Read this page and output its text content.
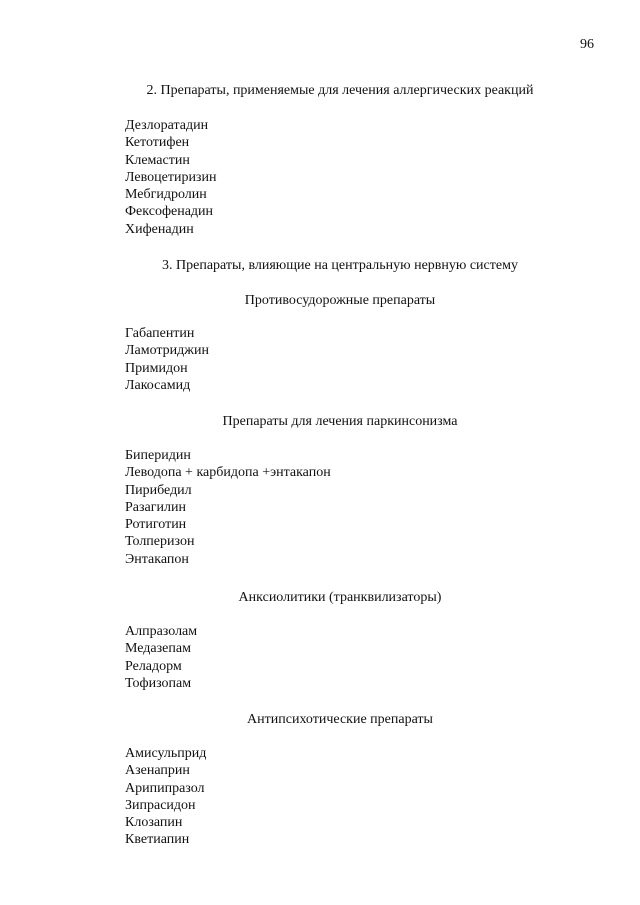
96
2. Препараты, применяемые для лечения аллергических реакций
Дезлоратадин
Кетотифен
Клемастин
Левоцетиризин
Мебгидролин
Фексофенадин
Хифенадин
3. Препараты, влияющие на центральную нервную систему
Противосудорожные препараты
Габапентин
Ламотриджин
Примидон
Лакосамид
Препараты для лечения паркинсонизма
Биперидин
Леводопа + карбидопа +энтакапон
Пирибедил
Разагилин
Ротиготин
Толперизон
Энтакапон
Анксиолитики (транквилизаторы)
Алпразолам
Медазепам
Реладорм
Тофизопам
Антипсихотические препараты
Амисульприд
Азенаприн
Арипипразол
Зипрасидон
Клозапин
Кветиапин
